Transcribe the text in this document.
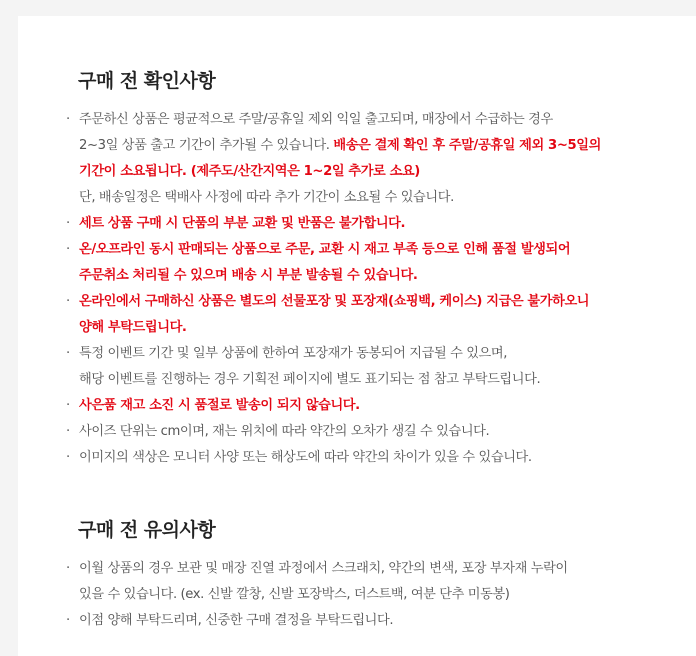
구매 전 확인사항
· 주문하신 상품은 평균적으로 주말/공휴일 제외 익일 출고되며, 매장에서 수급하는 경우
2~3일 상품 출고 기간이 추가될 수 있습니다. 배송은 결제 확인 후 주말/공휴일 제외 3~5일의
기간이 소요됩니다. (제주도/산간지역은 1~2일 추가로 소요)
단, 배송일정은 택배사 사정에 따라 추가 기간이 소요될 수 있습니다.
· 세트 상품 구매 시 단품의 부분 교환 및 반품은 불가합니다.
· 온/오프라인 동시 판매되는 상품으로 주문, 교환 시 재고 부족 등으로 인해 품절 발생되어
주문취소 처리될 수 있으며 배송 시 부분 발송될 수 있습니다.
· 온라인에서 구매하신 상품은 별도의 선물포장 및 포장재(쇼핑백, 케이스) 지급은 불가하오니
양해 부탁드립니다.
· 특정 이벤트 기간 및 일부 상품에 한하여 포장재가 동봉되어 지급될 수 있으며,
해당 이벤트를 진행하는 경우 기획전 페이지에 별도 표기되는 점 참고 부탁드립니다.
· 사은품 재고 소진 시 품절로 발송이 되지 않습니다.
· 사이즈 단위는 cm이며, 재는 위치에 따라 약간의 오차가 생길 수 있습니다.
· 이미지의 색상은 모니터 사양 또는 해상도에 따라 약간의 차이가 있을 수 있습니다.
구매 전 유의사항
· 이월 상품의 경우 보관 및 매장 진열 과정에서 스크래치, 약간의 변색, 포장 부자재 누락이
있을 수 있습니다. (ex. 신발 깔창, 신발 포장박스, 더스트백, 여분 단추 미동봉)
· 이점 양해 부탁드리며, 신중한 구매 결정을 부탁드립니다.
